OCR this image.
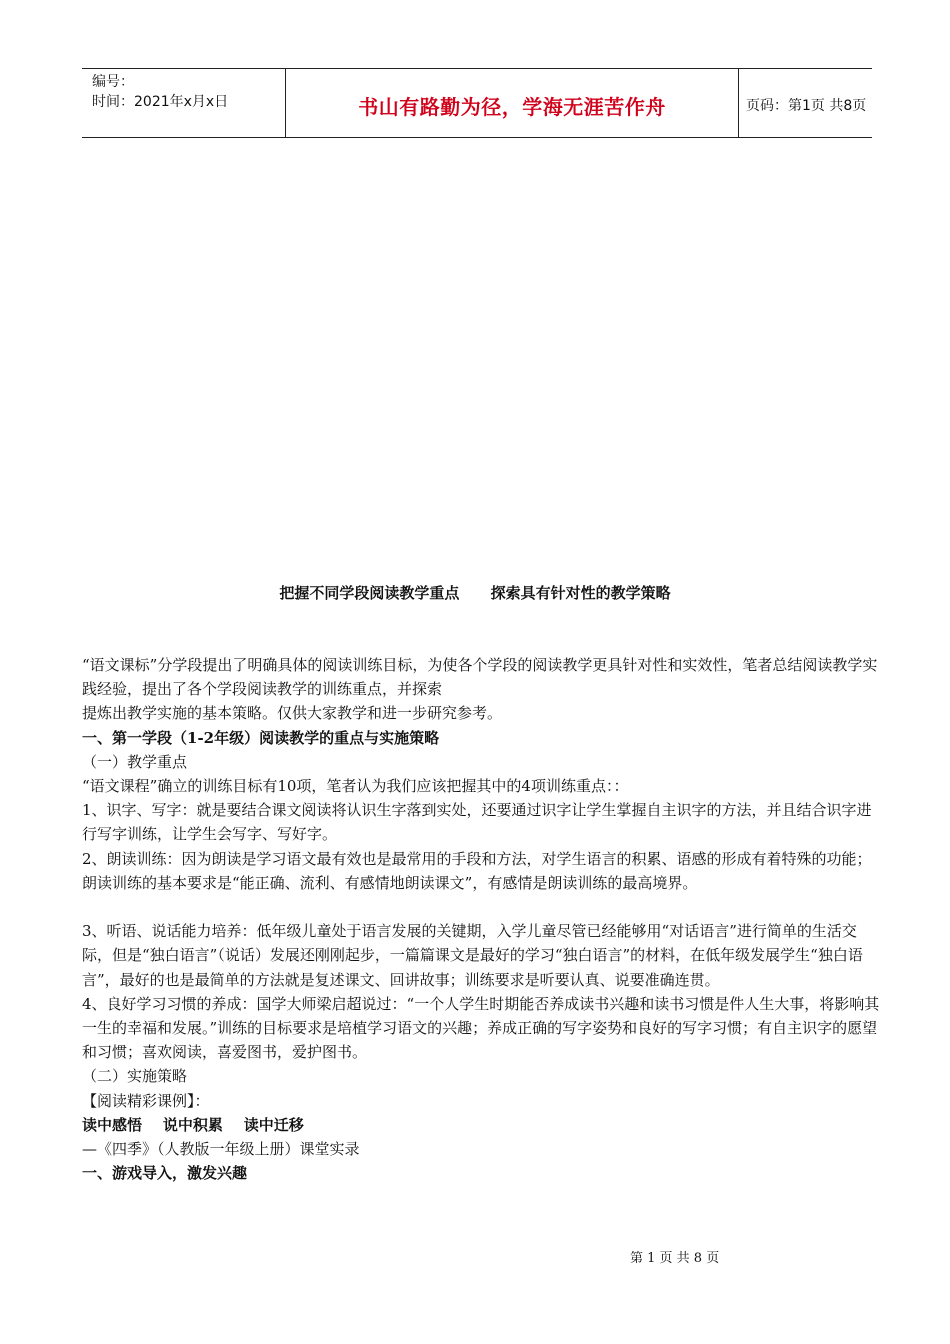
编号：
时间：2021年x月x日	书山有路勤为径，学海无涯苦作舟	页码：第1页 共8页
把握不同学段阅读教学重点      探索具有针对性的教学策略

“语文课标”分学段提出了明确具体的阅读训练目标，为使各个学段的阅读教学更具针对性和实效性，笔者总结阅读教学实践经验，提出了各个学段阅读教学的训练重点，并探索

提炼出教学实施的基本策略。仅供大家教学和进一步研究参考。

一、第一学段（1-2年级）阅读教学的重点与实施策略

（一）教学重点

“语文课程”确立的训练目标有10项，笔者认为我们应该把握其中的4项训练重点：：

1、识字、写字：就是要结合课文阅读将认识生字落到实处，还要通过识字让学生掌握自主识字的方法，并且结合识字进行写字训练，让学生会写字、写好字。

2、朗读训练：因为朗读是学习语文最有效也是最常用的手段和方法，对学生语言的积累、语感的形成有着特殊的功能；朗读训练的基本要求是“能正确、流利、有感情地朗读课文”，有感情是朗读训练的最高境界。

3、听语、说话能力培养：低年级儿童处于语言发展的关键期，入学儿童尽管已经能够用“对话语言”进行简单的生活交际，但是“独白语言”（说话）发展还刚刚起步，一篇篇课文是最好的学习“独白语言”的材料，在低年级发展学生“独白语言”，最好的也是最简单的方法就是复述课文、回讲故事；训练要求是听要认真、说要准确连贯。

4、良好学习习惯的养成：国学大师梁启超说过：“一个人学生时期能否养成读书兴趣和读书习惯是件人生大事，将影响其一生的幸福和发展。”训练的目标要求是培植学习语文的兴趣；养成正确的写字姿势和良好的写字习惯；有自主识字的愿望和习惯；喜欢阅读，喜爱图书，爱护图书。

（二）实施策略

【阅读精彩课例】：

读中感悟    说中积累    读中迁移

—《四季》（人教版一年级上册）课堂实录

一、游戏导入，激发兴趣

第 1 页 共 8 页
